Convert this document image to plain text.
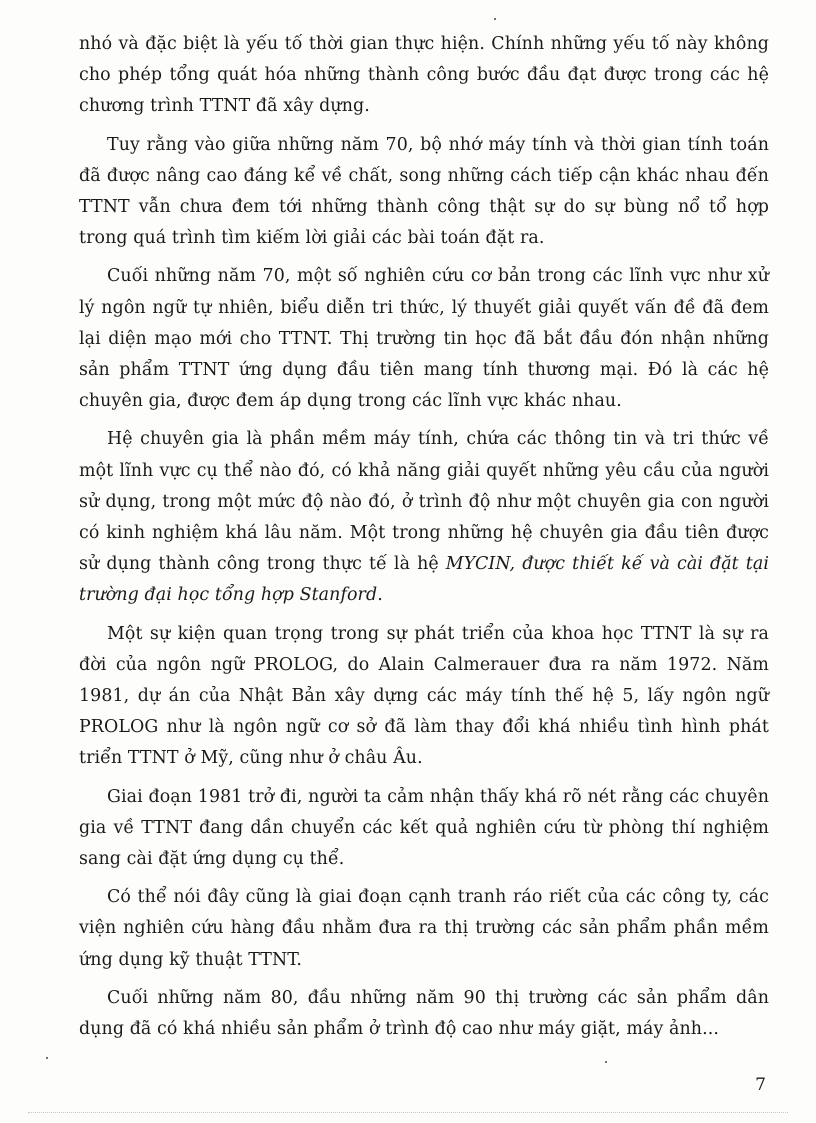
nhó và đặc biệt là yếu tố thời gian thực hiện. Chính những yếu tố này không cho phép tổng quát hóa những thành công bước đầu đạt được trong các hệ chương trình TTNT đã xây dựng.

Tuy rằng vào giữa những năm 70, bộ nhớ máy tính và thời gian tính toán đã được nâng cao đáng kể về chất, song những cách tiếp cận khác nhau đến TTNT vẫn chưa đem tới những thành công thật sự do sự bùng nổ tổ hợp trong quá trình tìm kiếm lời giải các bài toán đặt ra.

Cuối những năm 70, một số nghiên cứu cơ bản trong các lĩnh vực như xử lý ngôn ngữ tự nhiên, biểu diễn tri thức, lý thuyết giải quyết vấn đề đã đem lại diện mạo mới cho TTNT. Thị trường tin học đã bắt đầu đón nhận những sản phẩm TTNT ứng dụng đầu tiên mang tính thương mại. Đó là các hệ chuyên gia, được đem áp dụng trong các lĩnh vực khác nhau.

Hệ chuyên gia là phần mềm máy tính, chứa các thông tin và tri thức về một lĩnh vực cụ thể nào đó, có khả năng giải quyết những yêu cầu của người sử dụng, trong một mức độ nào đó, ở trình độ như một chuyên gia con người có kinh nghiệm khá lâu năm. Một trong những hệ chuyên gia đầu tiên được sử dụng thành công trong thực tế là hệ MYCIN, được thiết kế và cài đặt tại trường đại học tổng hợp Stanford.

Một sự kiện quan trọng trong sự phát triển của khoa học TTNT là sự ra đời của ngôn ngữ PROLOG, do Alain Calmerauer đưa ra năm 1972. Năm 1981, dự án của Nhật Bản xây dựng các máy tính thế hệ 5, lấy ngôn ngữ PROLOG như là ngôn ngữ cơ sở đã làm thay đổi khá nhiều tình hình phát triển TTNT ở Mỹ, cũng như ở châu Âu.

Giai đoạn 1981 trở đi, người ta cảm nhận thấy khá rõ nét rằng các chuyên gia về TTNT đang dần chuyển các kết quả nghiên cứu từ phòng thí nghiệm sang cài đặt ứng dụng cụ thể.

Có thể nói đây cũng là giai đoạn cạnh tranh ráo riết của các công ty, các viện nghiên cứu hàng đầu nhằm đưa ra thị trường các sản phẩm phần mềm ứng dụng kỹ thuật TTNT.

Cuối những năm 80, đầu những năm 90 thị trường các sản phẩm dân dụng đã có khá nhiều sản phẩm ở trình độ cao như máy giặt, máy ảnh...

7
